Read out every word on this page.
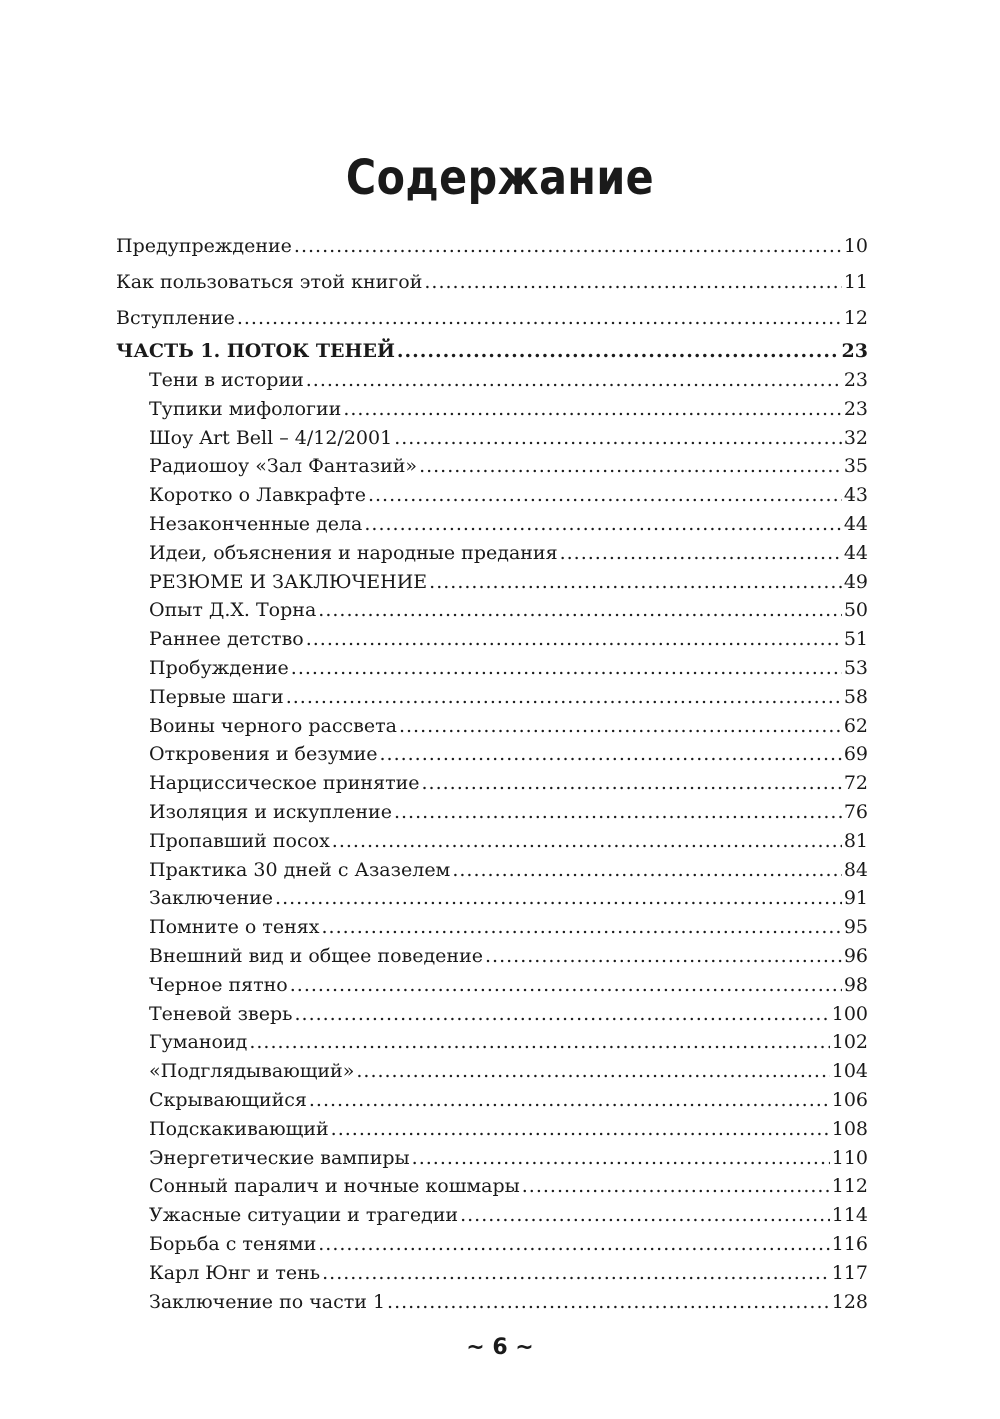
Содержание
Предупреждение .....	10
Как пользоваться этой книгой .....	11
Вступление .....	12
ЧАСТЬ 1. ПОТОК ТЕНЕЙ .....	23
Тени в истории .....	23
Тупики мифологии .....	23
Шоу Art Bell – 4/12/2001 .....	32
Радиошоу «Зал Фантазий» .....	35
Коротко о Лавкрафте .....	43
Незаконченные дела .....	44
Идеи, объяснения и народные предания .....	44
РЕЗЮМЕ И ЗАКЛЮЧЕНИЕ .....	49
Опыт Д.Х. Торна .....	50
Раннее детство .....	51
Пробуждение .....	53
Первые шаги .....	58
Воины черного рассвета .....	62
Откровения и безумие .....	69
Нарциссическое принятие .....	72
Изоляция и искупление .....	76
Пропавший посох .....	81
Практика 30 дней с Азазелем .....	84
Заключение .....	91
Помните о тенях .....	95
Внешний вид и общее поведение .....	96
Черное пятно .....	98
Теневой зверь .....	100
Гуманоид .....	102
«Подглядывающий» .....	104
Скрывающийся .....	106
Подскакивающий .....	108
Энергетические вампиры .....	110
Сонный паралич и ночные кошмары .....	112
Ужасные ситуации и трагедии .....	114
Борьба с тенями .....	116
Карл Юнг и тень .....	117
Заключение по части 1 .....	128
~ 6 ~
